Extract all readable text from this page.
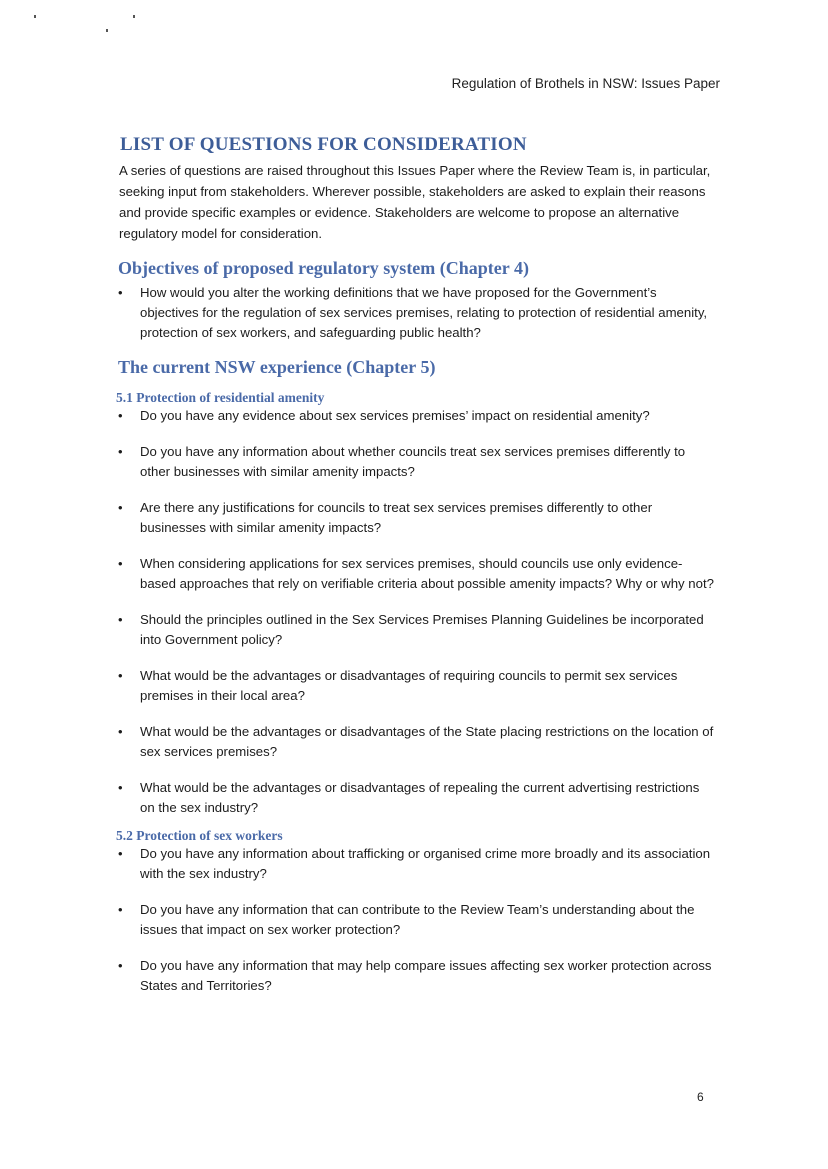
Regulation of Brothels in NSW: Issues Paper
LIST OF QUESTIONS FOR CONSIDERATION

A series of questions are raised throughout this Issues Paper where the Review Team is, in particular, seeking input from stakeholders. Wherever possible, stakeholders are asked to explain their reasons and provide specific examples or evidence. Stakeholders are welcome to propose an alternative regulatory model for consideration.

Objectives of proposed regulatory system (Chapter 4)
• How would you alter the working definitions that we have proposed for the Government’s objectives for the regulation of sex services premises, relating to protection of residential amenity, protection of sex workers, and safeguarding public health?
The current NSW experience (Chapter 5)
5.1 Protection of residential amenity
• Do you have any evidence about sex services premises’ impact on residential amenity?
• Do you have any information about whether councils treat sex services premises differently to other businesses with similar amenity impacts?
• Are there any justifications for councils to treat sex services premises differently to other businesses with similar amenity impacts?
• When considering applications for sex services premises, should councils use only evidence-based approaches that rely on verifiable criteria about possible amenity impacts? Why or why not?
• Should the principles outlined in the Sex Services Premises Planning Guidelines be incorporated into Government policy?
• What would be the advantages or disadvantages of requiring councils to permit sex services premises in their local area?
• What would be the advantages or disadvantages of the State placing restrictions on the location of sex services premises?
• What would be the advantages or disadvantages of repealing the current advertising restrictions on the sex industry?
5.2 Protection of sex workers
• Do you have any information about trafficking or organised crime more broadly and its association with the sex industry?
• Do you have any information that can contribute to the Review Team’s understanding about the issues that impact on sex worker protection?
• Do you have any information that may help compare issues affecting sex worker protection across States and Territories?
6
